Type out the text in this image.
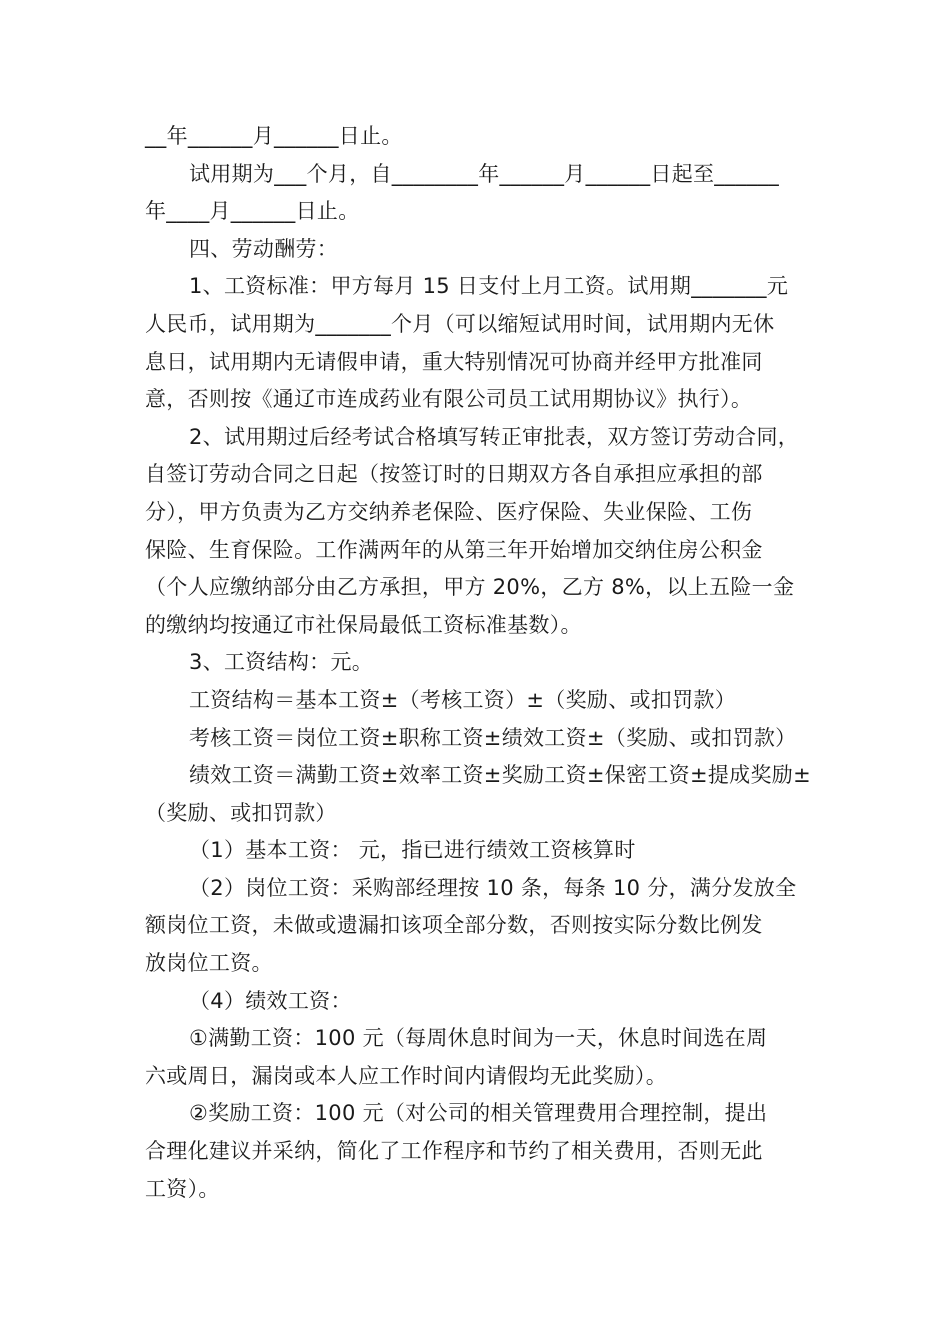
__年______月______日止。
试用期为___个月，自________年______月______日起至______
年____月______日止。
四、劳动酬劳：
1、工资标准：甲方每月 15 日支付上月工资。试用期_______元
人民币，试用期为_______个月（可以缩短试用时间，试用期内无休
息日，试用期内无请假申请，重大特别情况可协商并经甲方批准同
意，否则按《通辽市连成药业有限公司员工试用期协议》执行）。
2、试用期过后经考试合格填写转正审批表，双方签订劳动合同，
自签订劳动合同之日起（按签订时的日期双方各自承担应承担的部
分），甲方负责为乙方交纳养老保险、医疗保险、失业保险、工伤
保险、生育保险。工作满两年的从第三年开始增加交纳住房公积金
（个人应缴纳部分由乙方承担，甲方 20%，乙方 8%，以上五险一金
的缴纳均按通辽市社保局最低工资标准基数）。
3、工资结构：元。
工资结构＝基本工资±（考核工资）±（奖励、或扣罚款）
考核工资＝岗位工资±职称工资±绩效工资±（奖励、或扣罚款）
绩效工资＝满勤工资±效率工资±奖励工资±保密工资±提成奖励±
（奖励、或扣罚款）
（1）基本工资： 元，指已进行绩效工资核算时
（2）岗位工资：采购部经理按 10 条，每条 10 分，满分发放全
额岗位工资，未做或遗漏扣该项全部分数，否则按实际分数比例发
放岗位工资。
（4）绩效工资：
①满勤工资：100 元（每周休息时间为一天，休息时间选在周
六或周日，漏岗或本人应工作时间内请假均无此奖励）。
②奖励工资：100 元（对公司的相关管理费用合理控制，提出
合理化建议并采纳，简化了工作程序和节约了相关费用，否则无此
工资）。
